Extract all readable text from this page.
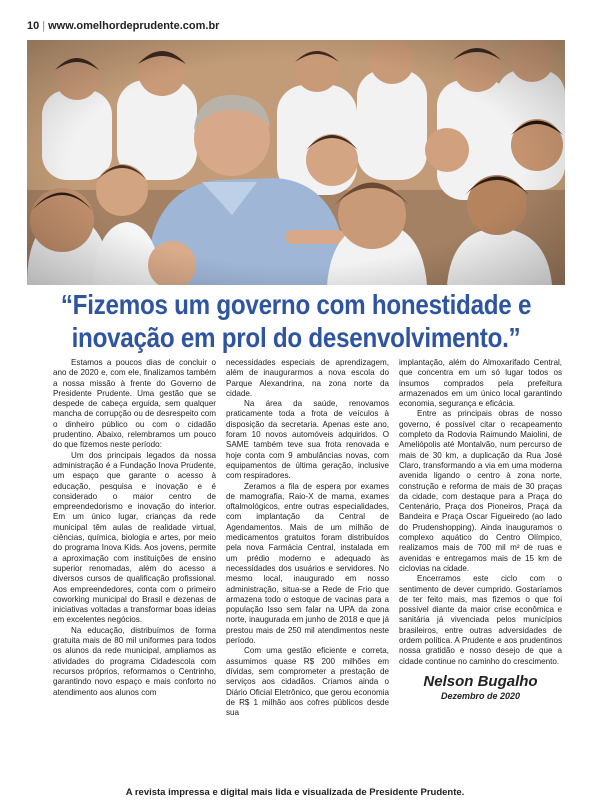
10 | www.omelhordeprudente.com.br
“Fizemos um governo com honestidade e inovação em prol do desenvolvimento.”

Estamos a poucos dias de concluir o ano de 2020 e, com ele, finalizamos também a nossa missão à frente do Governo de Presidente Prudente. Uma gestão que se despede de cabeça erguida, sem qualquer mancha de corrupção ou de desrespeito com o dinheiro público ou com o cidadão prudentino. Abaixo, relembramos um pouco do que fizemos neste período:

Um dos principais legados da nossa administração é a Fundação Inova Prudente, um espaço que garante o acesso à educação, pesquisa e inovação e é considerado o maior centro de empreendedorismo e inovação do interior. Em um único lugar, crianças da rede municipal têm aulas de realidade virtual, ciências, química, biologia e artes, por meio do programa Inova Kids. Aos jovens, permite a aproximação com instituições de ensino superior renomadas, além do acesso a diversos cursos de qualificação profissional. Aos empreendedores, conta com o primeiro coworking municipal do Brasil e dezenas de iniciativas voltadas a transformar boas ideias em excelentes negócios.

Na educação, distribuímos de forma gratuita mais de 80 mil uniformes para todos os alunos da rede municipal, ampliamos as atividades do programa Cidadescola com recursos próprios, reformamos o Centrinho, garantindo novo espaço e mais conforto no atendimento aos alunos com

necessidades especiais de aprendizagem, além de inaugurarmos a nova escola do Parque Alexandrina, na zona norte da cidade.

Na área da saúde, renovamos praticamente toda a frota de veículos à disposição da secretaria. Apenas este ano, foram 10 novos automóveis adquiridos. O SAME também teve sua frota renovada e hoje conta com 9 ambulâncias novas, com equipamentos de última geração, inclusive com respiradores.

Zeramos a fila de espera por exames de mamografia, Raio-X de mama, exames oftalmológicos, entre outras especialidades, com implantação da Central de Agendamentos. Mais de um milhão de medicamentos gratuitos foram distribuídos pela nova Farmácia Central, instalada em um prédio moderno e adequado às necessidades dos usuários e servidores. No mesmo local, inaugurado em nosso administração, situa-se a Rede de Frio que armazena todo o estoque de vacinas para a população Isso sem falar na UPA da zona norte, inaugurada em junho de 2018 e que já prestou mais de 250 mil atendimentos neste período.

Com uma gestão eficiente e correta, assumimos quase R$ 200 milhões em dívidas, sem comprometer a prestação de serviços aos cidadãos. Criamos ainda o Diário Oficial Eletrônico, que gerou economia de R$ 1 milhão aos cofres públicos desde sua

implantação, além do Almoxarifado Central, que concentra em um só lugar todos os insumos comprados pela prefeitura armazenados em um único local garantindo economia, segurança e eficácia.

Entre as principais obras de nosso governo, é possível citar o recapeamento completo da Rodovia Raimundo Maiolini, de Ameliópolis até Montalvão, num percurso de mais de 30 km, a duplicação da Rua José Claro, transformando a via em uma moderna avenida ligando o centro à zona norte, construção e reforma de mais de 30 praças da cidade, com destaque para a Praça do Centenário, Praça dos Pioneiros, Praça da Bandeira e Praça Oscar Figueiredo (ao lado do Prudenshopping). Ainda inauguramos o complexo aquático do Centro Olímpico, realizamos mais de 700 mil m² de ruas e avenidas e entregamos mais de 15 km de ciclovias na cidade.

Encerramos este ciclo com o sentimento de dever cumprido. Gostaríamos de ter feito mais, mas fizemos o que foi possível diante da maior crise econômica e sanitária já vivenciada pelos municípios brasileiros, entre outras adversidades de ordem política. A Prudente e aos prudentinos nossa gratidão e nosso desejo de que a cidade continue no caminho do crescimento.

Nelson Bugalho
Dezembro de 2020
A revista impressa e digital mais lida e visualizada de Presidente Prudente.
